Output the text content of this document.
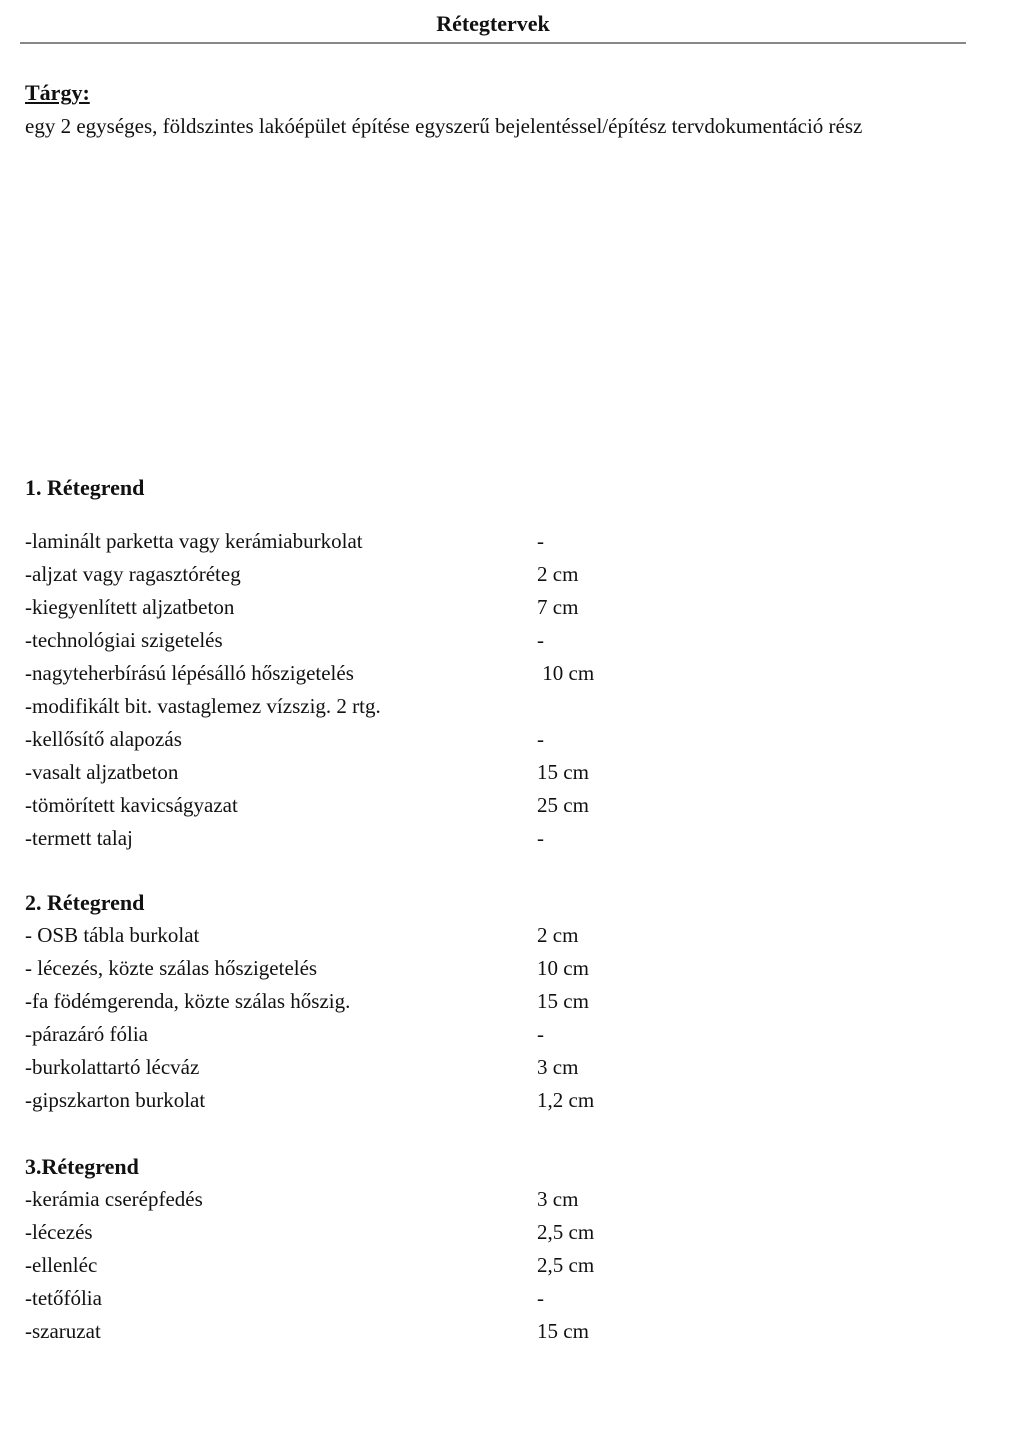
Rétegtervek
Tárgy:
egy 2 egységes, földszintes lakóépület építése egyszerű bejelentéssel/építész tervdokumentáció rész
1. Rétegrend
-laminált parketta vagy kerámiaburkolat	-
-aljzat vagy ragasztóréteg	2 cm
-kiegyenlített aljzatbeton	7 cm
-technológiai szigetelés	-
-nagyteherbírású lépésálló hőszigetelés	10 cm
-modifikált bit. vastaglemez vízszig. 2 rtg.
-kellősítő alapozás	-
-vasalt aljzatbeton	15 cm
-tömörített kavicságyazat	25 cm
-termett talaj	-
2. Rétegrend
- OSB tábla burkolat	2 cm
- lécezés, közte szálas hőszigetelés	10 cm
-fa födémgerenda, közte szálas hőszig.	15 cm
-párazáró fólia	-
-burkolattartó lécváz	3 cm
-gipszkarton burkolat	1,2 cm
3.Rétegrend
-kerámia cserépfedés	3 cm
-lécezés	2,5 cm
-ellenléc	2,5 cm
-tetőfólia	-
-szaruzat	15 cm
